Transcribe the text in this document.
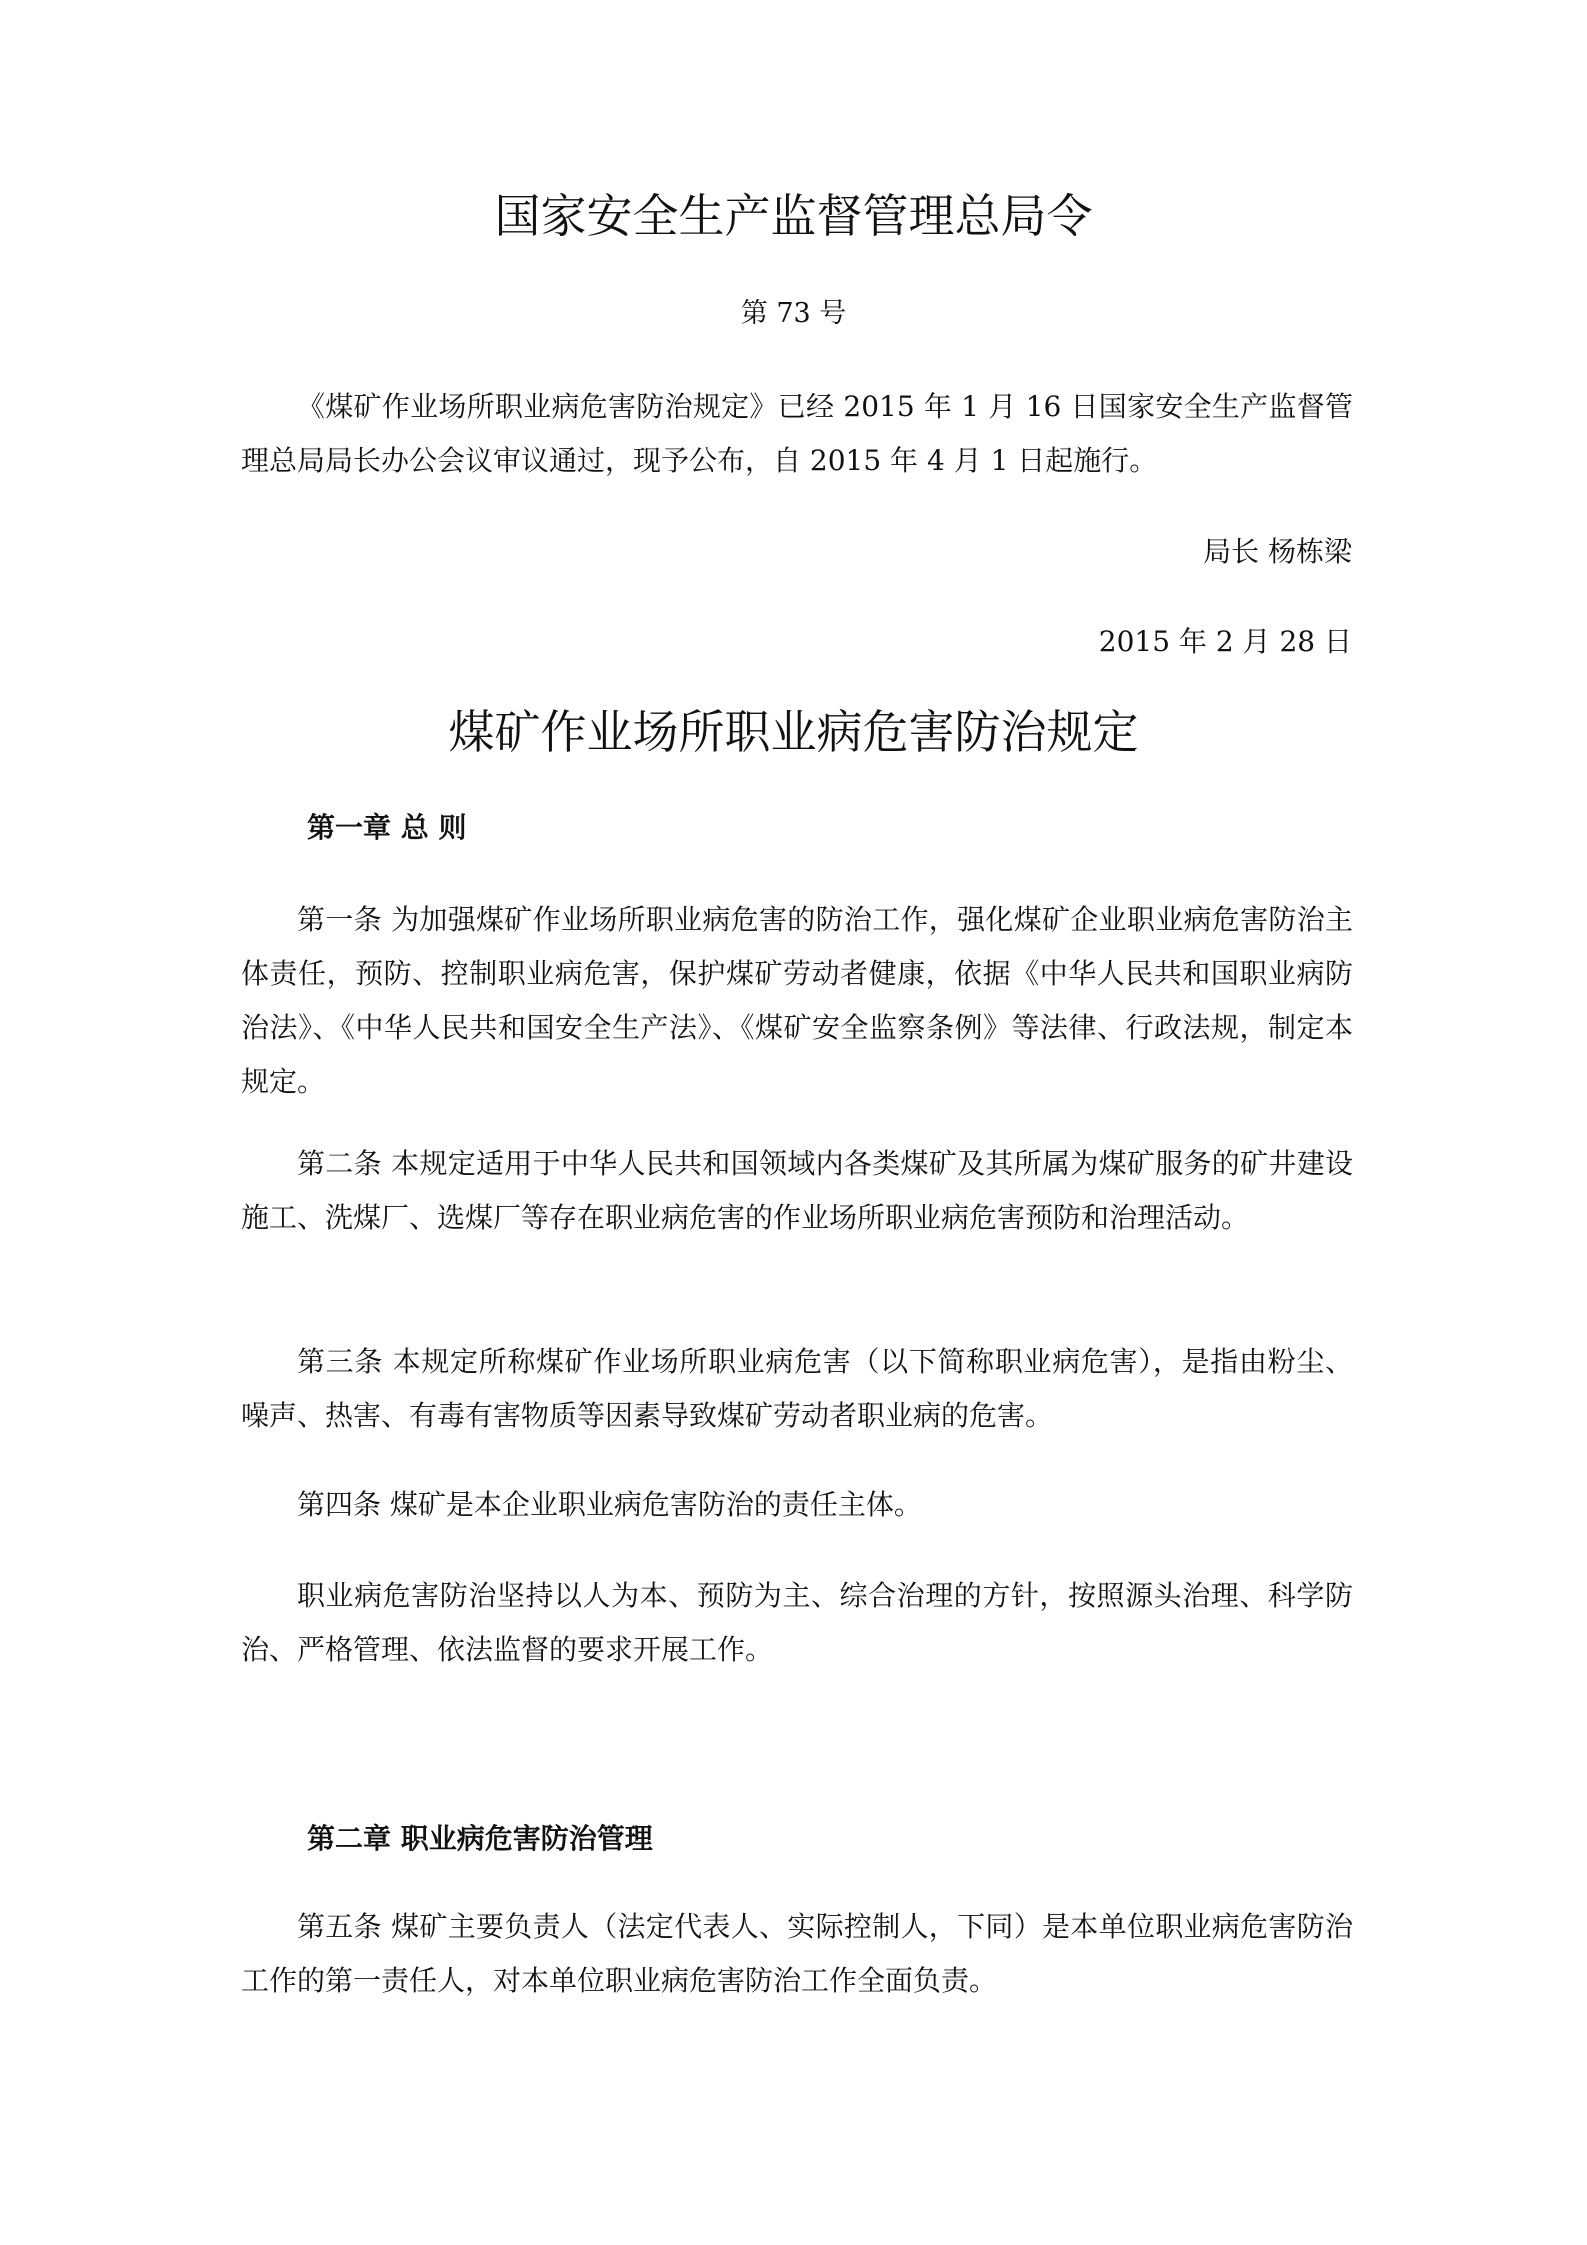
国家安全生产监督管理总局令
第 73 号

《煤矿作业场所职业病危害防治规定》已经 2015 年 1 月 16 日国家安全生产监督管理总局局长办公会议审议通过，现予公布，自 2015 年 4 月 1 日起施行。

局长 杨栋梁
2015 年 2 月 28 日
煤矿作业场所职业病危害防治规定
第一章 总 则

第一条 为加强煤矿作业场所职业病危害的防治工作，强化煤矿企业职业病危害防治主体责任，预防、控制职业病危害，保护煤矿劳动者健康，依据《中华人民共和国职业病防治法》、《中华人民共和国安全生产法》、《煤矿安全监察条例》等法律、行政法规，制定本规定。

第二条 本规定适用于中华人民共和国领域内各类煤矿及其所属为煤矿服务的矿井建设施工、洗煤厂、选煤厂等存在职业病危害的作业场所职业病危害预防和治理活动。

第三条 本规定所称煤矿作业场所职业病危害（以下简称职业病危害），是指由粉尘、噪声、热害、有毒有害物质等因素导致煤矿劳动者职业病的危害。

第四条 煤矿是本企业职业病危害防治的责任主体。

职业病危害防治坚持以人为本、预防为主、综合治理的方针，按照源头治理、科学防治、严格管理、依法监督的要求开展工作。

第二章 职业病危害防治管理

第五条 煤矿主要负责人（法定代表人、实际控制人，下同）是本单位职业病危害防治工作的第一责任人，对本单位职业病危害防治工作全面负责。
